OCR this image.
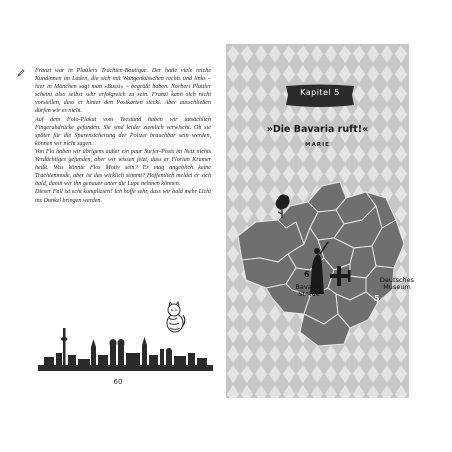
Franzi war in Plattlers Trachten-Boutique. Der hatte viele reiche Kundinnen im Laden, die sich mit Wangenküsschen rechts und links – hier in München sagt man »Bussi« – begrüßt haben. Norbert Plattler scheint also selbst sehr erfolgreich zu sein. Franzi kann sich nicht vorstellen, dass er hinter den Postkarten steckt. Aber ausschließen dürfen wir es nicht.

Auf dem Foto-Plakat vom Teestand haben wir tatsächlich Fingerabdrücke gefunden. Sie sind leider ziemlich verwischt. Ob sie später für die Spurensicherung der Polizei brauchbar sein werden, können wir nicht sagen.

Von Flo haben wir übrigens außer ein paar Surfer-Posts im Netz nichts Verdächtiges gefunden, aber wir wissen jetzt, dass er Florian Kramer heißt. Was könnte Flos Motiv sein? Er mag angeblich keine Trachtenmode, aber ist das wirklich stimmt? Hoffentlich meldet er sich bald, damit wir ihn genauer unter die Lupe nehmen können.

Dieser Fall ist echt kompliziert! Ich hoffe sehr, dass wir bald mehr Licht ins Dunkel bringen werden.

60
Kapitel 5
»Die Bavaria ruft!«
MARIE
6
Bavaria-
Statue	5
Deutsches
Museum
